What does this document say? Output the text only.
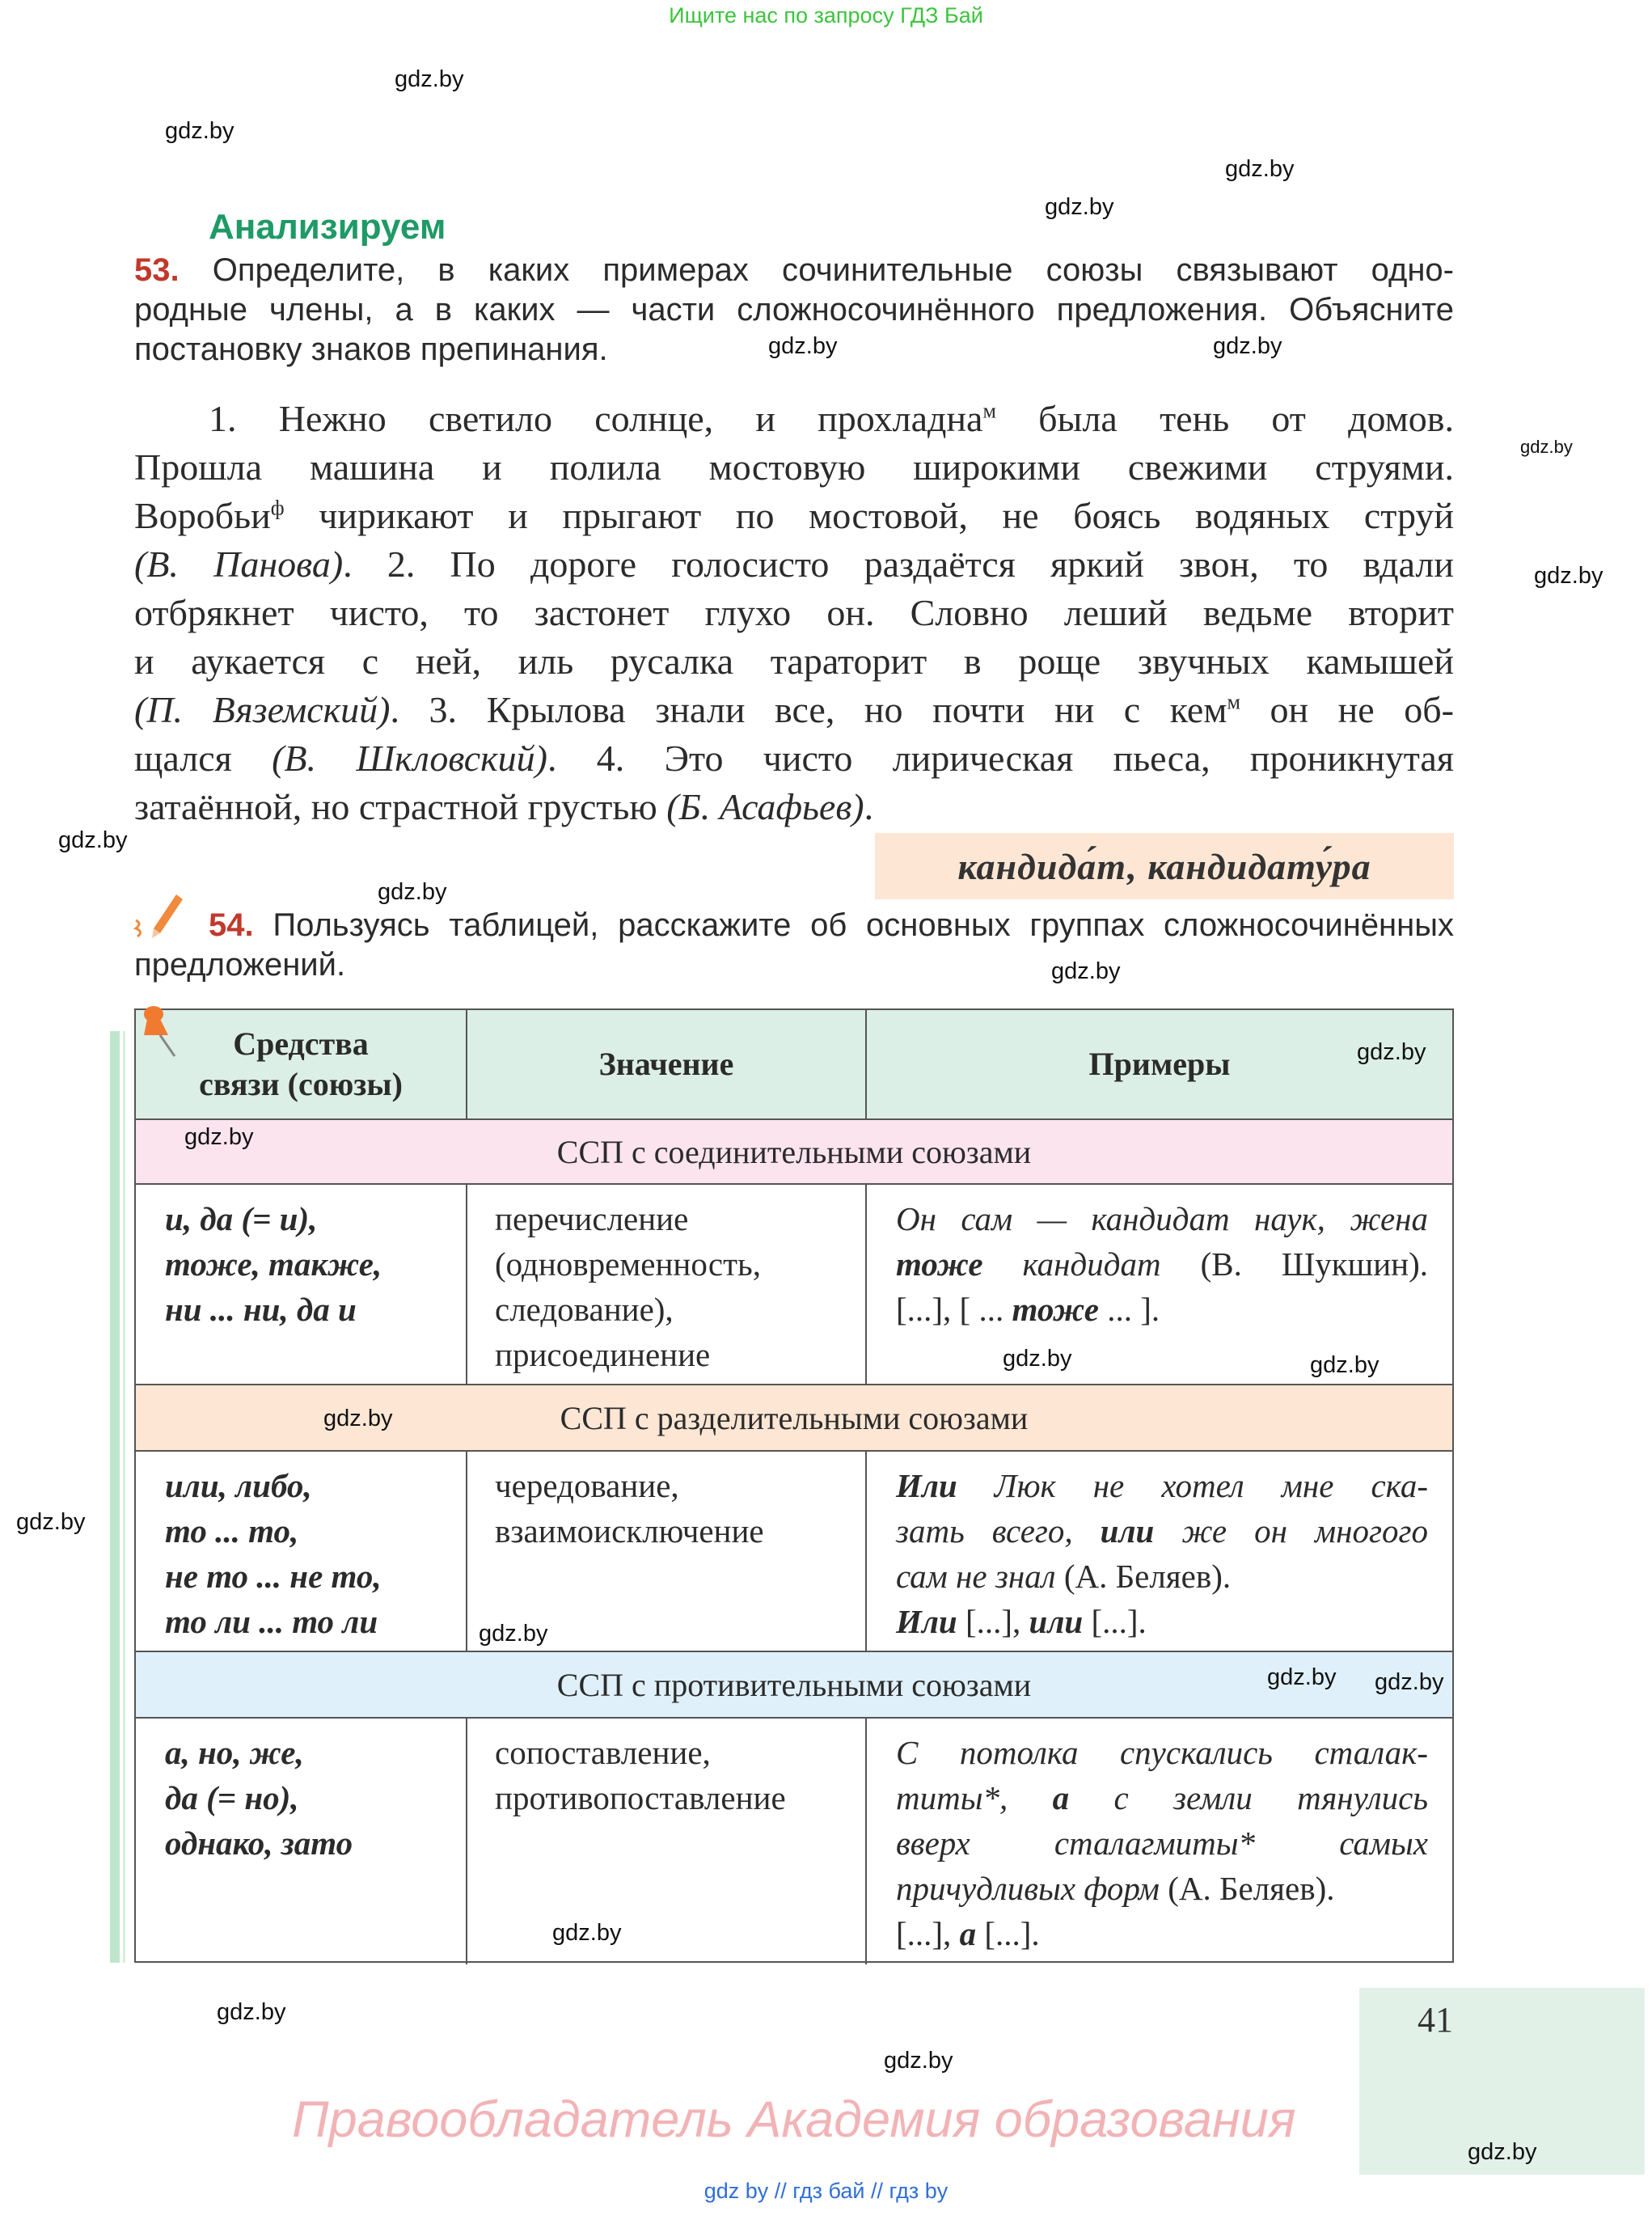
Ищите нас по запросу ГДЗ Бай
Анализируем
53. Определите, в каких примерах сочинительные союзы связывают одно-
родные члены, а в каких — части сложносочинённого предложения. Объясните
постановку знаков препинания.
1. Нежно светило солнце, и прохладна$^м$ была тень от домов.
Прошла машина и полила мостовую широкими свежими струями.
Воробьи$^ф$ чирикают и прыгают по мостовой, не боясь водяных струй
(В. Панова). 2. По дороге голосисто раздаётся яркий звон, то вдали
отбрякнет чисто, то застонет глухо он. Словно леший ведьме вторит
и аукается с ней, иль русалка тараторит в роще звучных камышей
(П. Вяземский). 3. Крылова знали все, но почти ни с кем$^м$ он не об-
щался (В. Шкловский). 4. Это чисто лирическая пьеса, проникнутая
затаённой, но страстной грустью (Б. Асафьев).
кандида́т, кандидату́ра
54. Пользуясь таблицей, расскажите об основных группах сложносочинённых
предложений.
Средства
связи (союзы)
Значение	Примеры
ССП с соединительными союзами
и, да (= и),
тоже, также,
ни ... ни, да и
перечисление
(одновременность,
следование),
присоединение
Он сам — кандидат наук, жена
тоже кандидат (В. Шукшин).
[...], [ ... тоже ... ].
ССП с разделительными союзами
или, либо,
то ... то,
не то ... не то,
то ли ... то ли
чередование,
взаимоисключение
Или Люк не хотел мне ска-
зать всего, или же он многого
сам не знал (А. Беляев).
Или [...], или [...].
ССП с противительными союзами
а, но, же,
да (= но),
однако, зато
сопоставление,
противопоставление
С потолка спускались сталак-
титы*, а с земли тянулись
вверх сталагмиты* самых
причудливых форм (А. Беляев).
[...], а [...].
41
Правообладатель Академия образования
gdz by // гдз бай // гдз by
gdz.by
gdz.by
gdz.by
gdz.by
gdz.by	gdz.by
gdz.by
gdz.by
gdz.by
gdz.by
gdz.by
gdz.by
gdz.by
gdz.by
gdz.by
gdz.by
gdz.by
gdz.by
gdz.by gdz.by
gdz.by
gdz.by
gdz.by
gdz.by
